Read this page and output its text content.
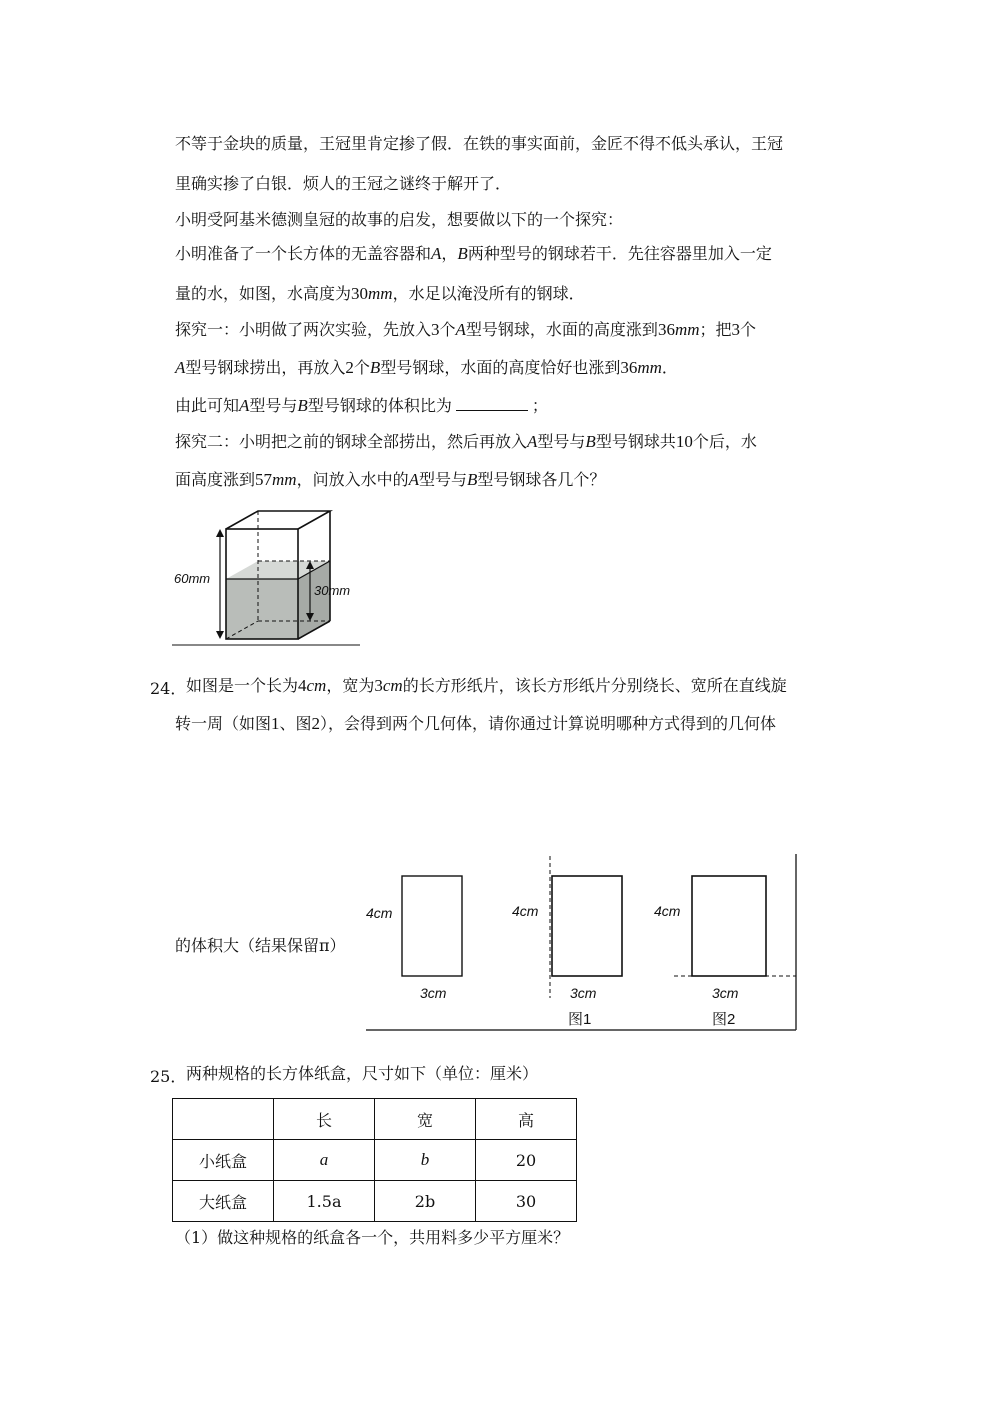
不等于金块的质量，王冠里肯定掺了假．在铁的事实面前，金匠不得不低头承认，王冠
里确实掺了白银．烦人的王冠之谜终于解开了．
小明受阿基米德测皇冠的故事的启发，想要做以下的一个探究：
小明准备了一个长方体的无盖容器和A，B两种型号的钢球若干．先往容器里加入一定
量的水，如图，水高度为30mm，水足以淹没所有的钢球．
探究一：小明做了两次实验，先放入3个A型号钢球，水面的高度涨到36mm；把3个
A型号钢球捞出，再放入2个B型号钢球，水面的高度恰好也涨到36mm．
由此可知A型号与B型号钢球的体积比为	；
探究二：小明把之前的钢球全部捞出，然后再放入A型号与B型号钢球共10个后，水
面高度涨到57mm，问放入水中的A型号与B型号钢球各几个？
60mm
30mm
24． 如图是一个长为4cm，宽为3cm的长方形纸片，该长方形纸片分别绕长、宽所在直线旋
转一周（如图1、图2），会得到两个几何体，请你通过计算说明哪种方式得到的几何体
的体积大（结果保留π）
4cm
3cm
4cm
3cm
图1
4cm
3cm
图2
25． 两种规格的长方体纸盒，尺寸如下（单位：厘米）
	长	宽	高
小纸盒	a	b	20
大纸盒	1.5a	2b	30
（1）做这种规格的纸盒各一个，共用料多少平方厘米？
